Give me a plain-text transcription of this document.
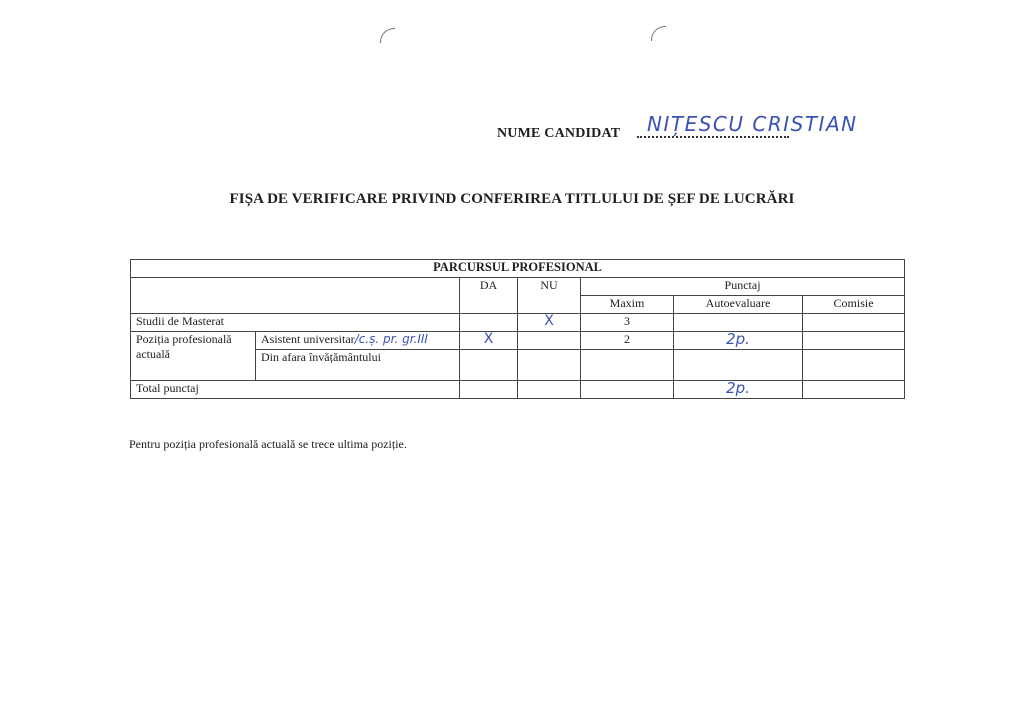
NUME CANDIDAT NIȚESCU CRISTIAN
FIȘA DE VERIFICARE PRIVIND CONFERIREA TITLULUI DE ȘEF DE LUCRĂRI
PARCURSUL PROFESIONAL						
		DA	NU	Punctaj		
				Maxim	Autoevaluare	Comisie
Studii de Masterat			X	3		
Poziția profesională actuală	Asistent universitar/c.ș. pr. gr.III	X		2	2p.	
	Din afara învățământului					
Total punctaj					2p.	
Pentru poziția profesională actuală se trece ultima poziție.
